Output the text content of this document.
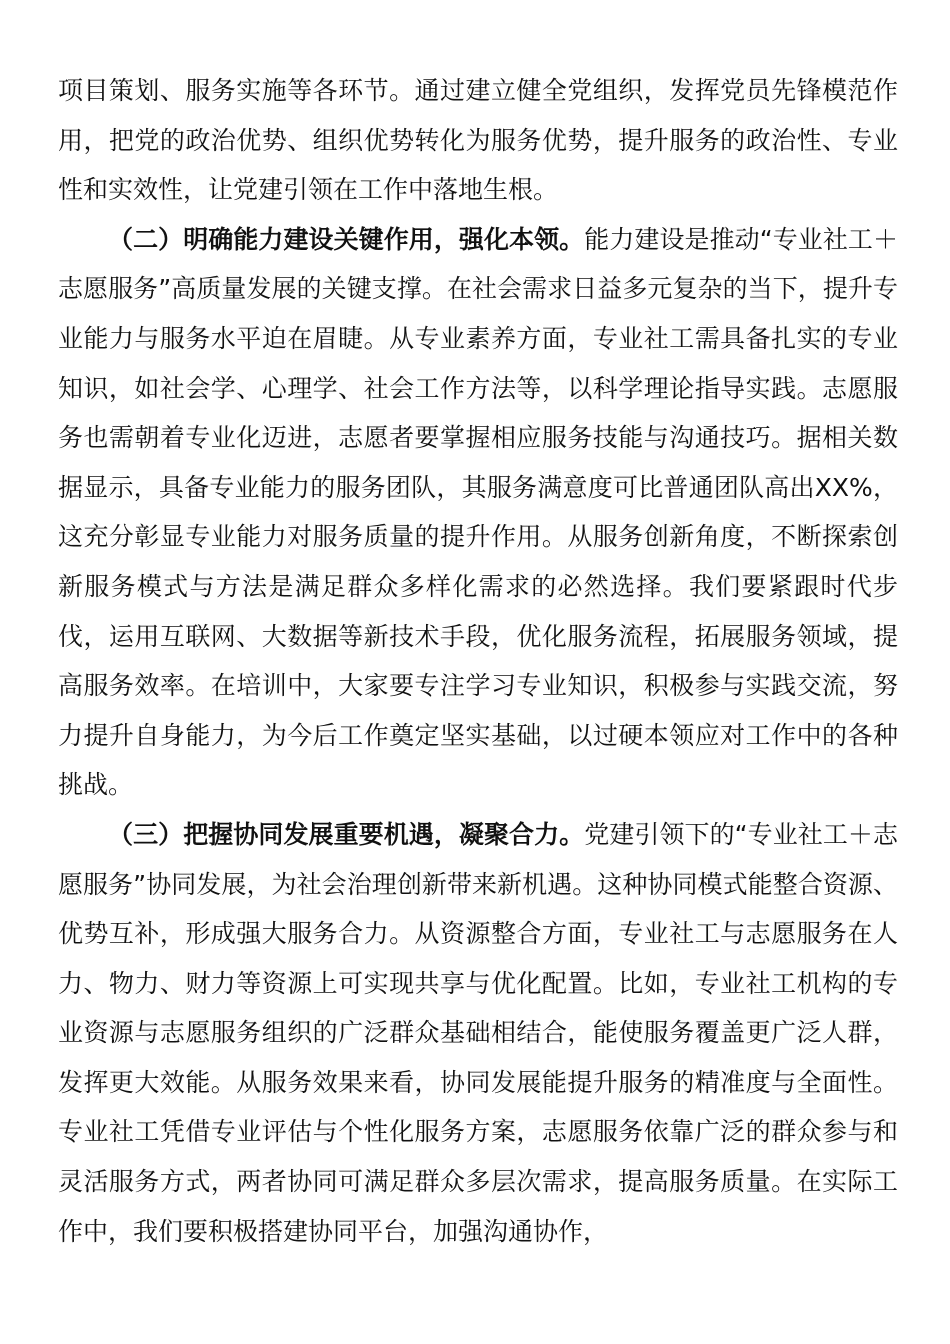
项目策划、服务实施等各环节。通过建立健全党组织，发挥党员先锋模范作用，把党的政治优势、组织优势转化为服务优势，提升服务的政治性、专业性和实效性，让党建引领在工作中落地生根。

（二）明确能力建设关键作用，强化本领。能力建设是推动“专业社工＋志愿服务”高质量发展的关键支撑。在社会需求日益多元复杂的当下，提升专业能力与服务水平迫在眉睫。从专业素养方面，专业社工需具备扎实的专业知识，如社会学、心理学、社会工作方法等，以科学理论指导实践。志愿服务也需朝着专业化迈进，志愿者要掌握相应服务技能与沟通技巧。据相关数据显示，具备专业能力的服务团队，其服务满意度可比普通团队高出XX%，这充分彰显专业能力对服务质量的提升作用。从服务创新角度，不断探索创新服务模式与方法是满足群众多样化需求的必然选择。我们要紧跟时代步伐，运用互联网、大数据等新技术手段，优化服务流程，拓展服务领域，提高服务效率。在培训中，大家要专注学习专业知识，积极参与实践交流，努力提升自身能力，为今后工作奠定坚实基础，以过硬本领应对工作中的各种挑战。

（三）把握协同发展重要机遇，凝聚合力。党建引领下的“专业社工＋志愿服务”协同发展，为社会治理创新带来新机遇。这种协同模式能整合资源、优势互补，形成强大服务合力。从资源整合方面，专业社工与志愿服务在人力、物力、财力等资源上可实现共享与优化配置。比如，专业社工机构的专业资源与志愿服务组织的广泛群众基础相结合，能使服务覆盖更广泛人群，发挥更大效能。从服务效果来看，协同发展能提升服务的精准度与全面性。专业社工凭借专业评估与个性化服务方案，志愿服务依靠广泛的群众参与和灵活服务方式，两者协同可满足群众多层次需求，提高服务质量。在实际工作中，我们要积极搭建协同平台，加强沟通协作，
